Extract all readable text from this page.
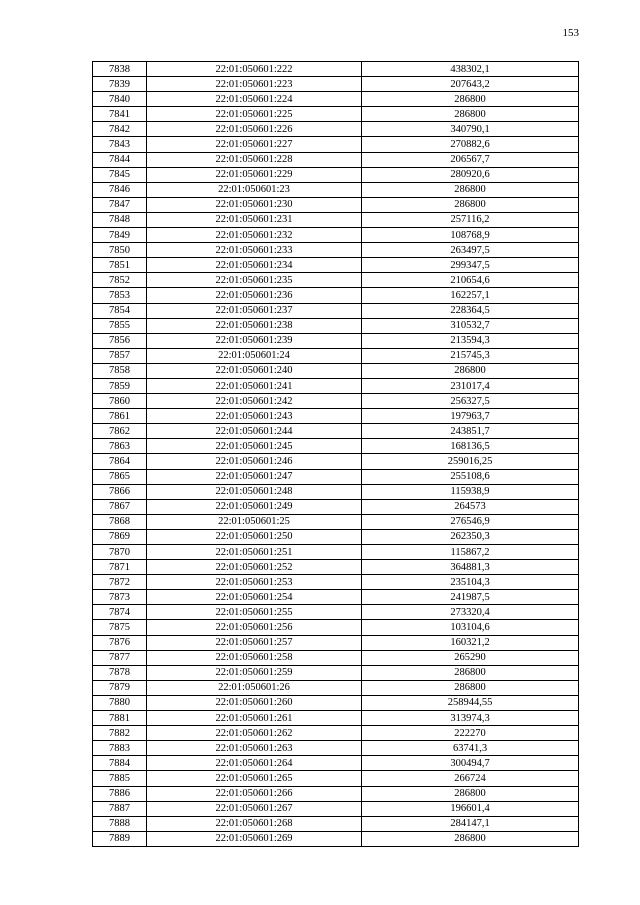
153
7838	22:01:050601:222	438302,1
7839	22:01:050601:223	207643,2
7840	22:01:050601:224	286800
7841	22:01:050601:225	286800
7842	22:01:050601:226	340790,1
7843	22:01:050601:227	270882,6
7844	22:01:050601:228	206567,7
7845	22:01:050601:229	280920,6
7846	22:01:050601:23	286800
7847	22:01:050601:230	286800
7848	22:01:050601:231	257116,2
7849	22:01:050601:232	108768,9
7850	22:01:050601:233	263497,5
7851	22:01:050601:234	299347,5
7852	22:01:050601:235	210654,6
7853	22:01:050601:236	162257,1
7854	22:01:050601:237	228364,5
7855	22:01:050601:238	310532,7
7856	22:01:050601:239	213594,3
7857	22:01:050601:24	215745,3
7858	22:01:050601:240	286800
7859	22:01:050601:241	231017,4
7860	22:01:050601:242	256327,5
7861	22:01:050601:243	197963,7
7862	22:01:050601:244	243851,7
7863	22:01:050601:245	168136,5
7864	22:01:050601:246	259016,25
7865	22:01:050601:247	255108,6
7866	22:01:050601:248	115938,9
7867	22:01:050601:249	264573
7868	22:01:050601:25	276546,9
7869	22:01:050601:250	262350,3
7870	22:01:050601:251	115867,2
7871	22:01:050601:252	364881,3
7872	22:01:050601:253	235104,3
7873	22:01:050601:254	241987,5
7874	22:01:050601:255	273320,4
7875	22:01:050601:256	103104,6
7876	22:01:050601:257	160321,2
7877	22:01:050601:258	265290
7878	22:01:050601:259	286800
7879	22:01:050601:26	286800
7880	22:01:050601:260	258944,55
7881	22:01:050601:261	313974,3
7882	22:01:050601:262	222270
7883	22:01:050601:263	63741,3
7884	22:01:050601:264	300494,7
7885	22:01:050601:265	266724
7886	22:01:050601:266	286800
7887	22:01:050601:267	196601,4
7888	22:01:050601:268	284147,1
7889	22:01:050601:269	286800
